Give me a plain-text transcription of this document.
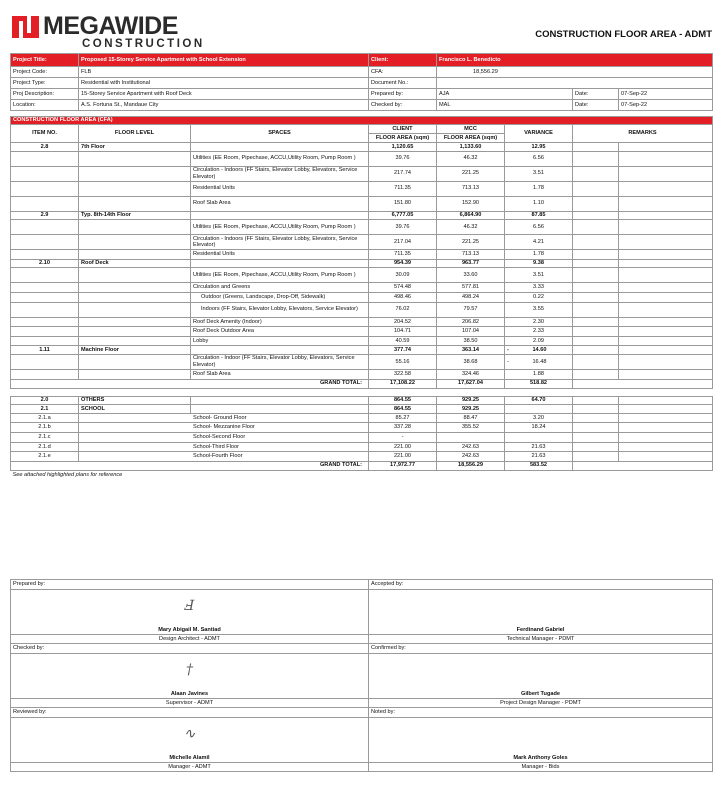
MEGAWIDE
CONSTRUCTION
CONSTRUCTION FLOOR AREA - ADMT
Project Title:	Proposed 15-Storey Service Apartment with School Extension	Client:	Francisco L. Benedicto		
Project Code:	FLB	CFA:	18,556.29		
Project Type:	Residential with Institutional	Document No.:			
Proj Description:	15-Storey Service Apartment with Roof Deck	Prepared by:	AJA	Date:	07-Sep-22
Location:	A.S. Fortuna St., Mandaue City	Checked by:	MAL	Date:	07-Sep-22
CONSTRUCTION FLOOR AREA (CFA)							
ITEM NO.	FLOOR LEVEL	SPACES	CLIENT	MCC	VARIANCE	REMARKS	
			FLOOR AREA (sqm)	FLOOR AREA (sqm)			
2.8	7th Floor		1,120.65	1,133.60	12.95		
		Utilities (EE Room, Pipechase, ACCU,Utility Room, Pump Room )	39.76	46.32	6.56		
		Circulation - Indoors (FF Stairs, Elevator Lobby, Elevators, Service Elevator)	217.74	221.25	3.51		
		Residential Units	711.35	713.13	1.78		
		Roof Slab Area	151.80	152.90	1.10		
2.9	Typ. 8th-14th Floor		6,777.05	6,864.90	87.85		
		Utilities (EE Room, Pipechase, ACCU,Utility Room, Pump Room )	39.76	46.32	6.56		
		Circulation - Indoors (FF Stairs, Elevator Lobby, Elevators, Service Elevator)	217.04	221.25	4.21		
		Residential Units	711.35	713.13	1.78		
2.10	Roof Deck		954.39	963.77	9.38		
		Utilities (EE Room, Pipechase, ACCU,Utility Room, Pump Room )	30.09	33.60	3.51		
		Circulation and Greens	574.48	577.81	3.33		
		Outdoor (Greens, Landscape, Drop-Off, Sidewalk)	498.46	498.24	0.22		
		Indoors (FF Stairs, Elevator Lobby, Elevators, Service Elevator)	76.02	79.57	3.55		
		Roof Deck Amenity (Indoor)	204.52	206.82	2.30		
		Roof Deck Outdoor Area	104.71	107.04	2.33		
		Lobby	40.59	38.50	2.09		
1.11	Machine Floor		377.74	363.14	- 14.60		
		Circulation - Indoor (FF Stairs, Elevator Lobby, Elevators, Service Elevator)	55.16	38.68	- 16.48		
		Roof Slab Area	322.58	324.46	1.88		
GRAND TOTAL:			17,108.22	17,627.04	518.82		

2.0	OTHERS		864.55	929.25	64.70		
2.1	SCHOOL		864.55	929.25			
2.1.a	School- Ground Floor		85.27	88.47	3.20		
2.1.b	School- Mezzanine Floor		337.28	355.52	18.24		
2.1.c	School-Second Floor		-				
2.1.d	School-Third Floor		221.00	242.63	21.63		
2.1.e	School-Fourth Floor		221.00	242.63	21.63		
GRAND TOTAL:			17,972.77	18,556.29	583.52		
See attached highlighted plans for reference							
Prepared by:	Accepted by:
Ⅎ	
Mary Abigail M. Santiad	Ferdinand Gabriel
Design Architect - ADMT	Technical Manager - PDMT
Checked by:	Confirmed by:
†	
Alaan Javines	Gilbert Tugade
Supervisor - ADMT	Project Design Manager - PDMT
Reviewed by:	Noted by:
∿	
Michelle Alamil	Mark Anthony Goles
Manager - ADMT	Manager - Bids
